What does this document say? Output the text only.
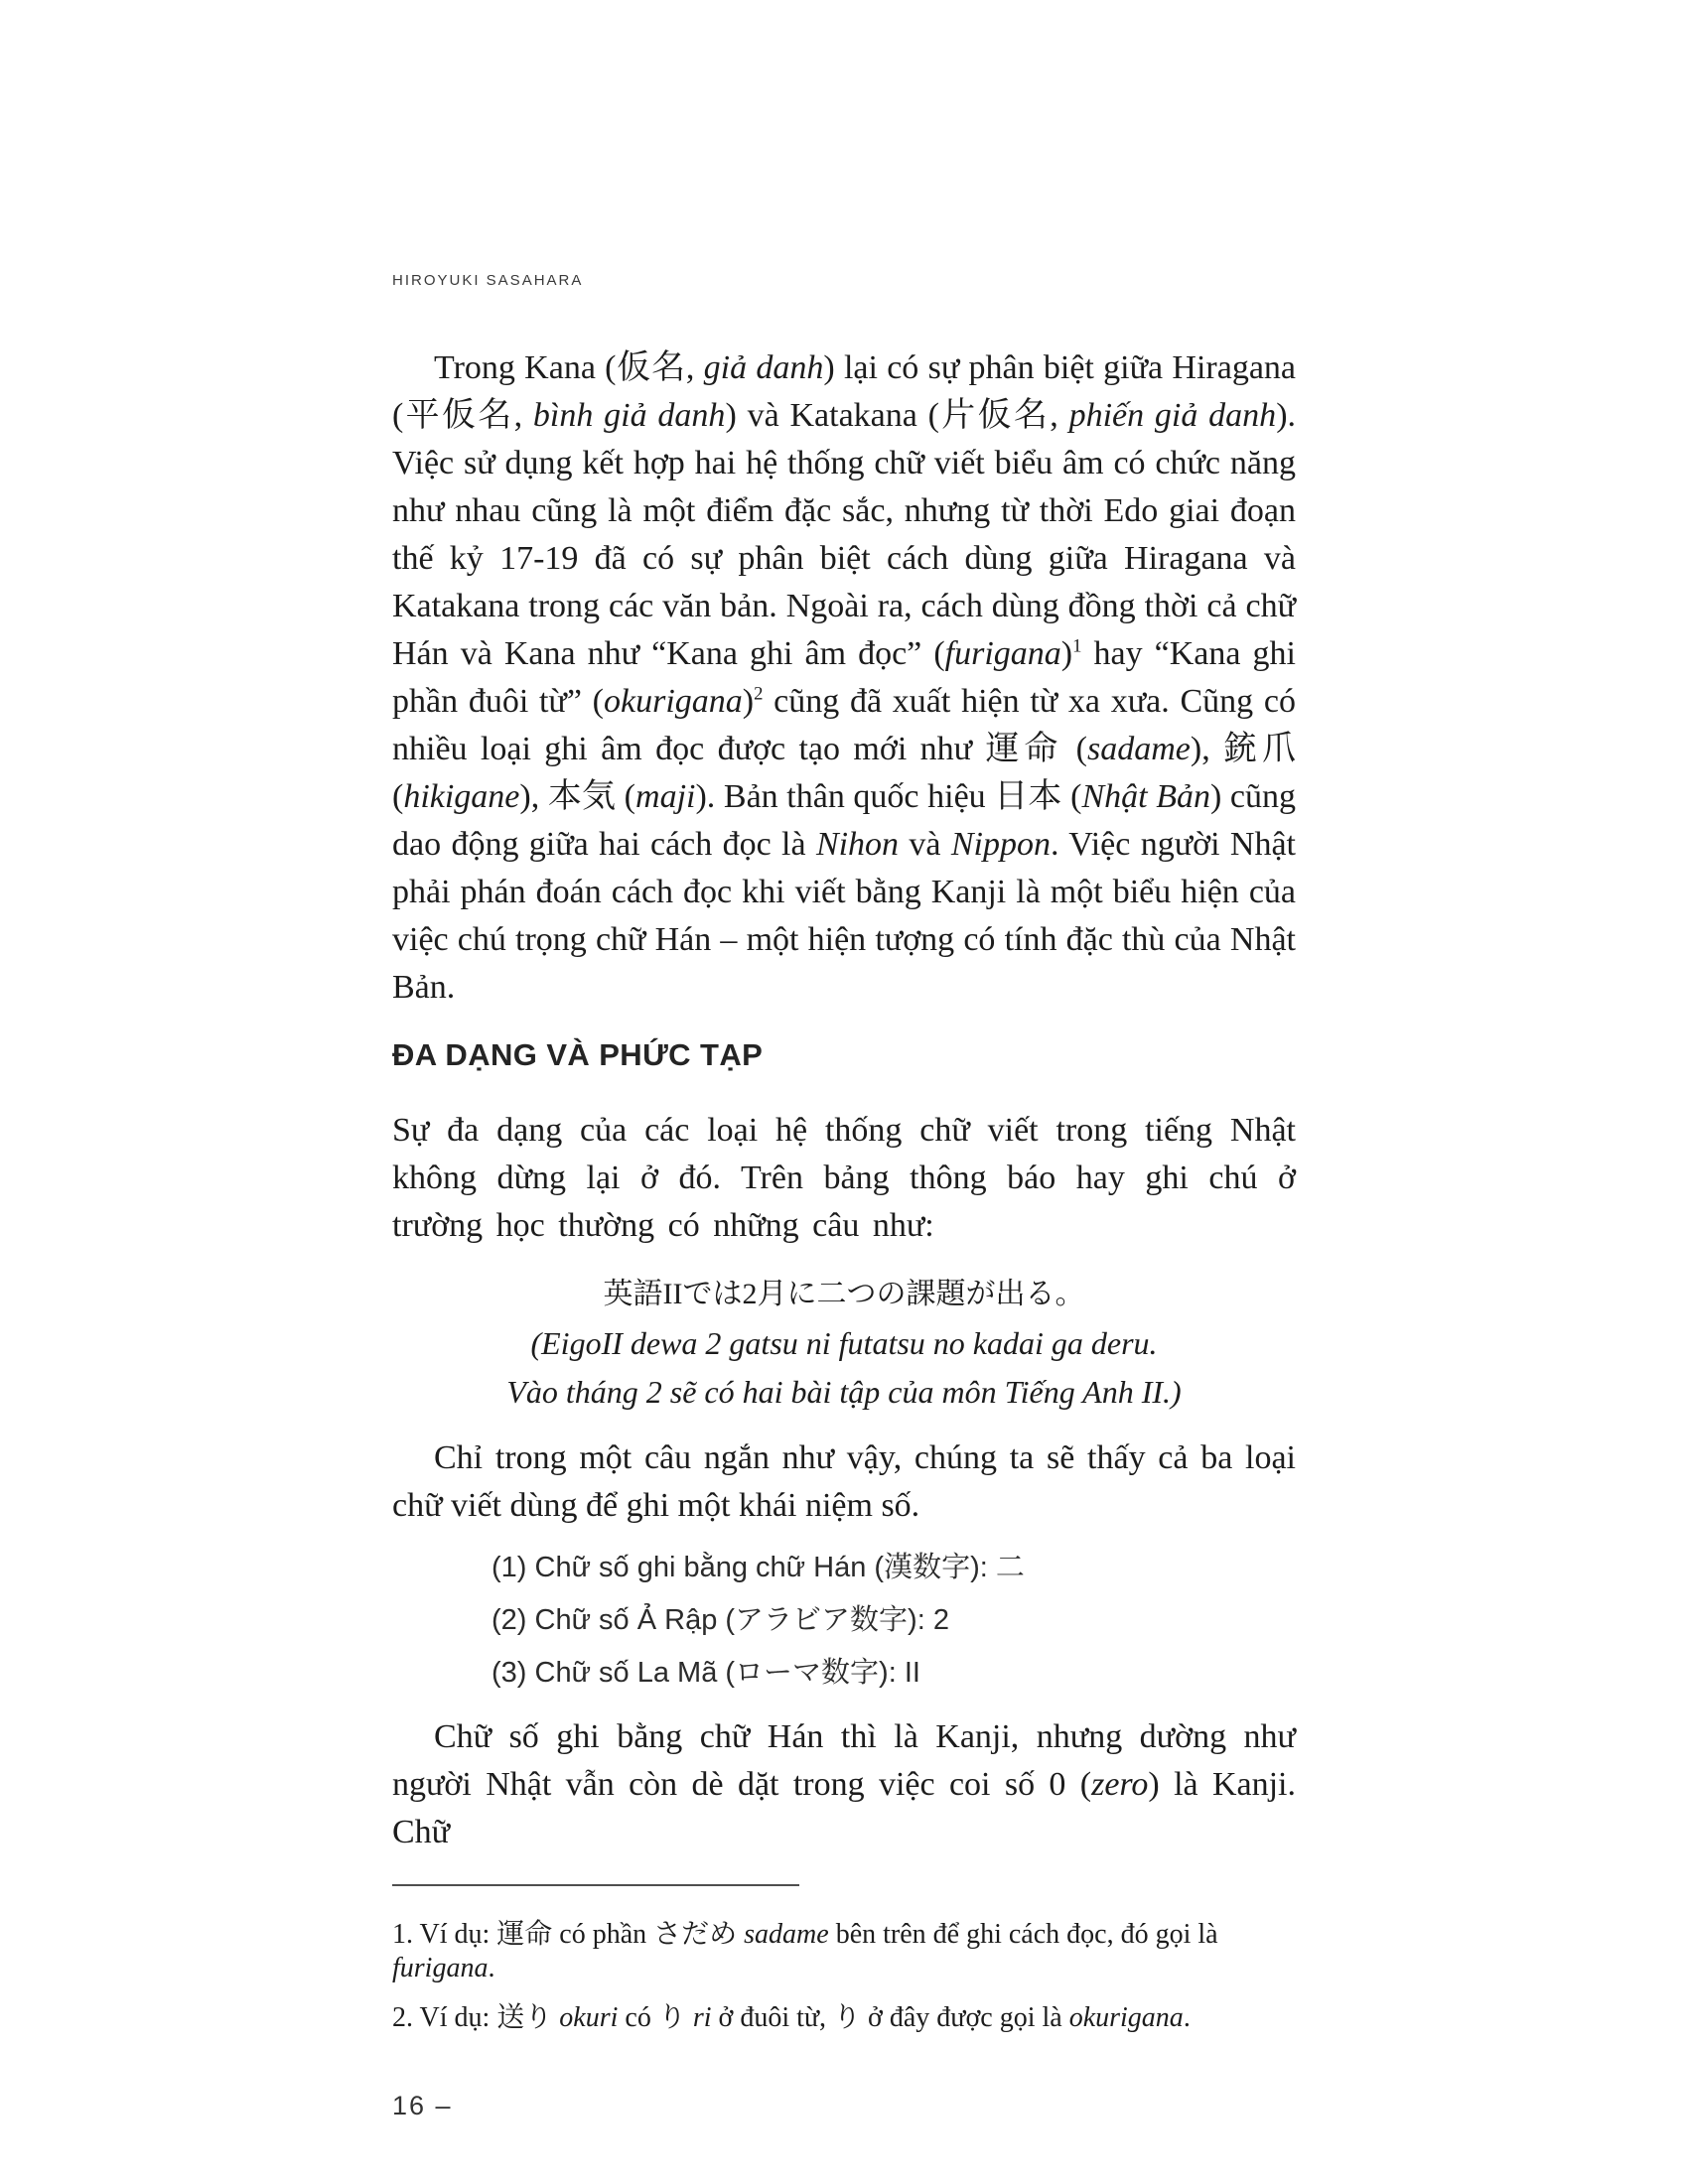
HIROYUKI SASAHARA

Trong Kana (仮名, giả danh) lại có sự phân biệt giữa Hiragana (平仮名, bình giả danh) và Katakana (片仮名, phiến giả danh). Việc sử dụng kết hợp hai hệ thống chữ viết biểu âm có chức năng như nhau cũng là một điểm đặc sắc, nhưng từ thời Edo giai đoạn thế kỷ 17-19 đã có sự phân biệt cách dùng giữa Hiragana và Katakana trong các văn bản. Ngoài ra, cách dùng đồng thời cả chữ Hán và Kana như “Kana ghi âm đọc” (furigana)$^1$ hay “Kana ghi phần đuôi từ” (okurigana)$^2$ cũng đã xuất hiện từ xa xưa. Cũng có nhiều loại ghi âm đọc được tạo mới như 運命 (sadame), 銃爪 (hikigane), 本気 (maji). Bản thân quốc hiệu 日本 (Nhật Bản) cũng dao động giữa hai cách đọc là Nihon và Nippon. Việc người Nhật phải phán đoán cách đọc khi viết bằng Kanji là một biểu hiện của việc chú trọng chữ Hán – một hiện tượng có tính đặc thù của Nhật Bản.

ĐA DẠNG VÀ PHỨC TẠP

Sự đa dạng của các loại hệ thống chữ viết trong tiếng Nhật không dừng lại ở đó. Trên bảng thông báo hay ghi chú ở trường học thường có những câu như:

英語IIでは2月に二つの課題が出る。
(EigoII dewa 2 gatsu ni futatsu no kadai ga deru.
Vào tháng 2 sẽ có hai bài tập của môn Tiếng Anh II.)

Chỉ trong một câu ngắn như vậy, chúng ta sẽ thấy cả ba loại chữ viết dùng để ghi một khái niệm số.

(1) Chữ số ghi bằng chữ Hán (漢数字): 二
(2) Chữ số Ả Rập (アラビア数字): 2
(3) Chữ số La Mã (ローマ数字): II

Chữ số ghi bằng chữ Hán thì là Kanji, nhưng dường như người Nhật vẫn còn dè dặt trong việc coi số 0 (zero) là Kanji. Chữ

1. Ví dụ: 運命 có phần さだめ sadame bên trên để ghi cách đọc, đó gọi là furigana.
2. Ví dụ: 送り okuri có り ri ở đuôi từ, り ở đây được gọi là okurigana.
16 –
